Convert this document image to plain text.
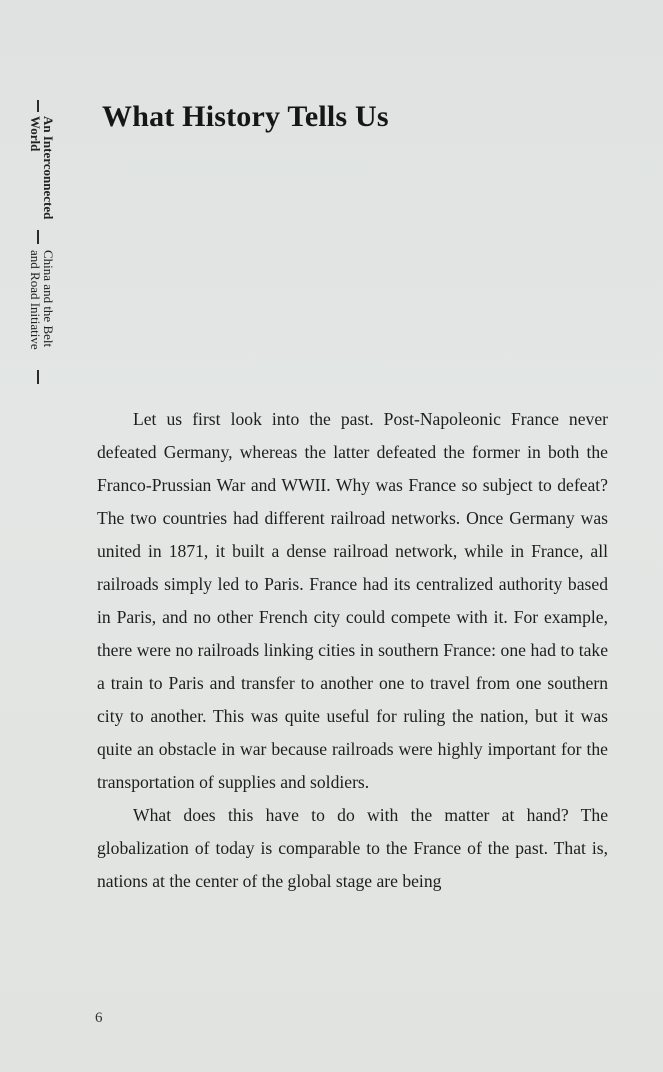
An Interconnected World
China and the Belt and Road Initiative
What History Tells Us

Let us first look into the past. Post-Napoleonic France never defeated Germany, whereas the latter defeated the former in both the Franco-Prussian War and WWII. Why was France so subject to defeat? The two countries had different railroad networks. Once Germany was united in 1871, it built a dense railroad network, while in France, all railroads simply led to Paris. France had its centralized authority based in Paris, and no other French city could compete with it. For example, there were no railroads linking cities in southern France: one had to take a train to Paris and transfer to another one to travel from one southern city to another. This was quite useful for ruling the nation, but it was quite an obstacle in war because railroads were highly important for the transportation of supplies and soldiers.

What does this have to do with the matter at hand? The globalization of today is comparable to the France of the past. That is, nations at the center of the global stage are being

6
